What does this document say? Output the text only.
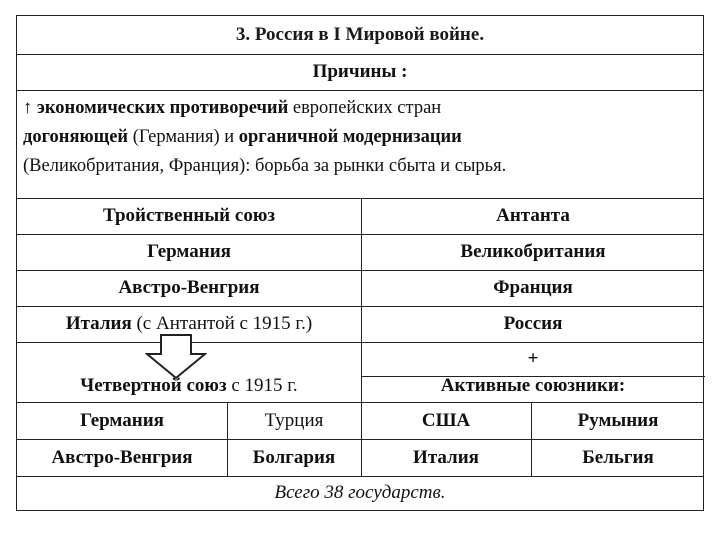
3. Россия в I Мировой войне.
Причины :
↑ экономических противоречий европейских стран
догоняющей (Германия) и органичной модернизации
(Великобритания, Франция): борьба за рынки сбыта и сырья.
Тройственный союз	Антанта
Германия	Великобритания
Австро-Венгрия	Франция
Италия (с Антантой с 1915 г.)	Россия
+
Четвертной союз с 1915 г.	Активные союзники:
Германия	Турция	США	Румыния
Австро-Венгрия	Болгария	Италия	Бельгия
Всего 38 государств.
